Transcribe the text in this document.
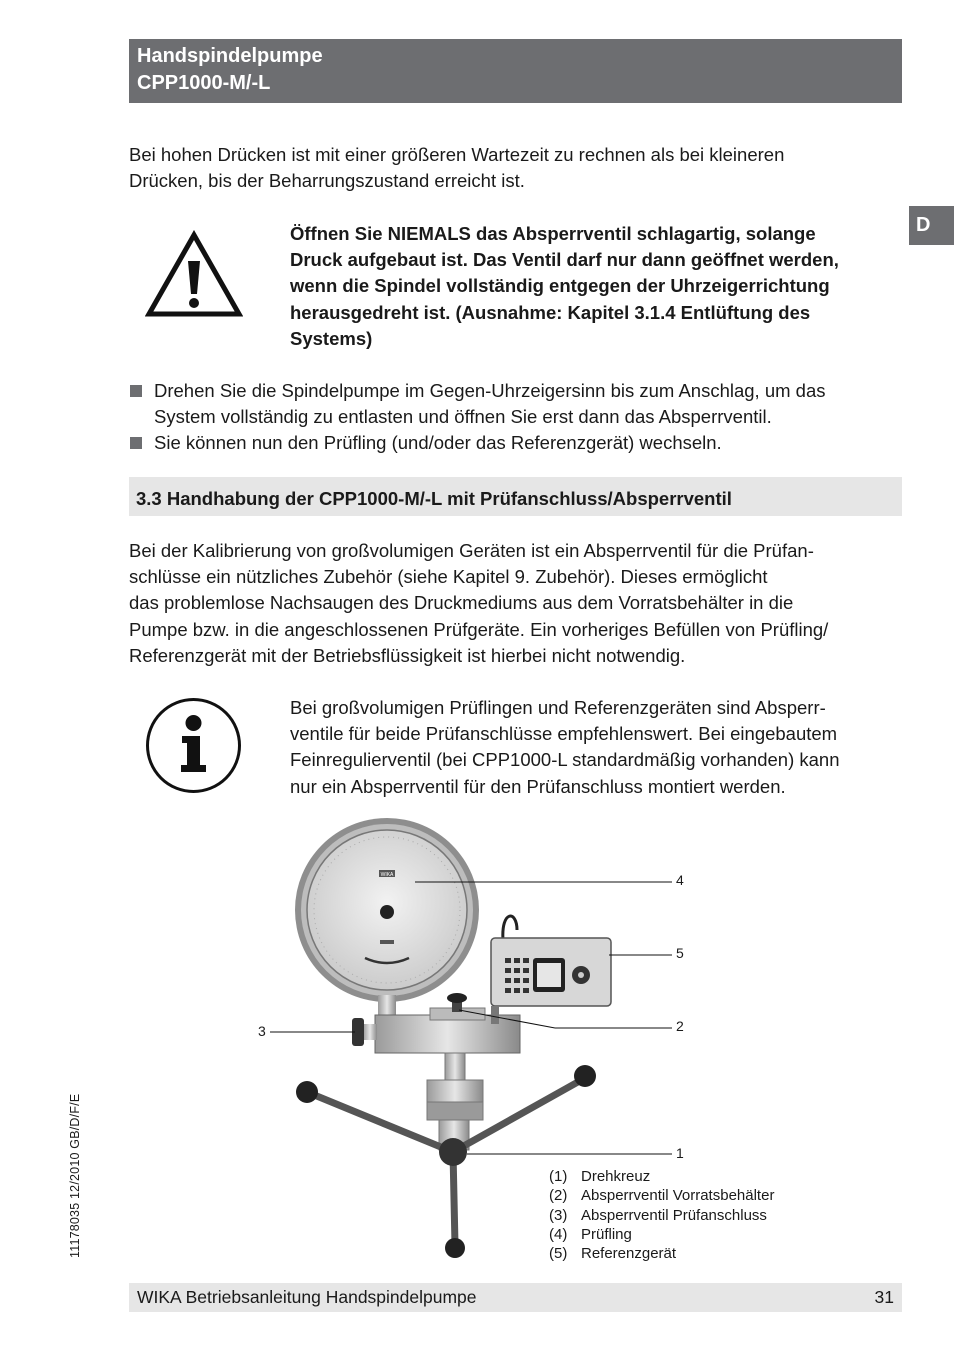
Handspindelpumpe
CPP1000-M/-L
D
Bei hohen Drücken ist mit einer größeren Wartezeit zu rechnen als bei kleineren
Drücken, bis der Beharrungszustand erreicht ist.
Öffnen Sie NIEMALS das Absperrventil schlagartig, solange
Druck aufgebaut ist. Das Ventil darf nur dann geöffnet werden,
wenn die Spindel vollständig entgegen der Uhrzeigerrichtung
herausgedreht ist. (Ausnahme: Kapitel 3.1.4 Entlüftung des
Systems)
Drehen Sie die Spindelpumpe im Gegen-Uhrzeigersinn bis zum Anschlag, um das
System vollständig zu entlasten und öffnen Sie erst dann das Absperrventil.
Sie können nun den Prüfling (und/oder das Referenzgerät) wechseln.
3.3 Handhabung der CPP1000-M/-L mit Prüfanschluss/Absperrventil
Bei der Kalibrierung von großvolumigen Geräten ist ein Absperrventil für die Prüfan-
schlüsse ein nützliches Zubehör (siehe Kapitel 9. Zubehör). Dieses ermöglicht
das problemlose Nachsaugen des Druckmediums aus dem Vorratsbehälter in die
Pumpe bzw. in die angeschlossenen Prüfgeräte. Ein vorheriges Befüllen von Prüfling/
Referenzgerät mit der Betriebsflüssigkeit ist hierbei nicht notwendig.
Bei großvolumigen Prüflingen und Referenzgeräten sind Absperr-
ventile für beide Prüfanschlüsse empfehlenswert. Bei eingebautem
Feinregulierventil (bei CPP1000-L standardmäßig vorhanden) kann
nur ein Absperrventil für den Prüfanschluss montiert werden.
WIKA	4
5
2
3
1
(1) Drehkreuz
(2) Absperrventil Vorratsbehälter
(3) Absperrventil Prüfanschluss
(4) Prüfling
(5) Referenzgerät
11178035 12/2010 GB/D/F/E
WIKA Betriebsanleitung Handspindelpumpe	31
